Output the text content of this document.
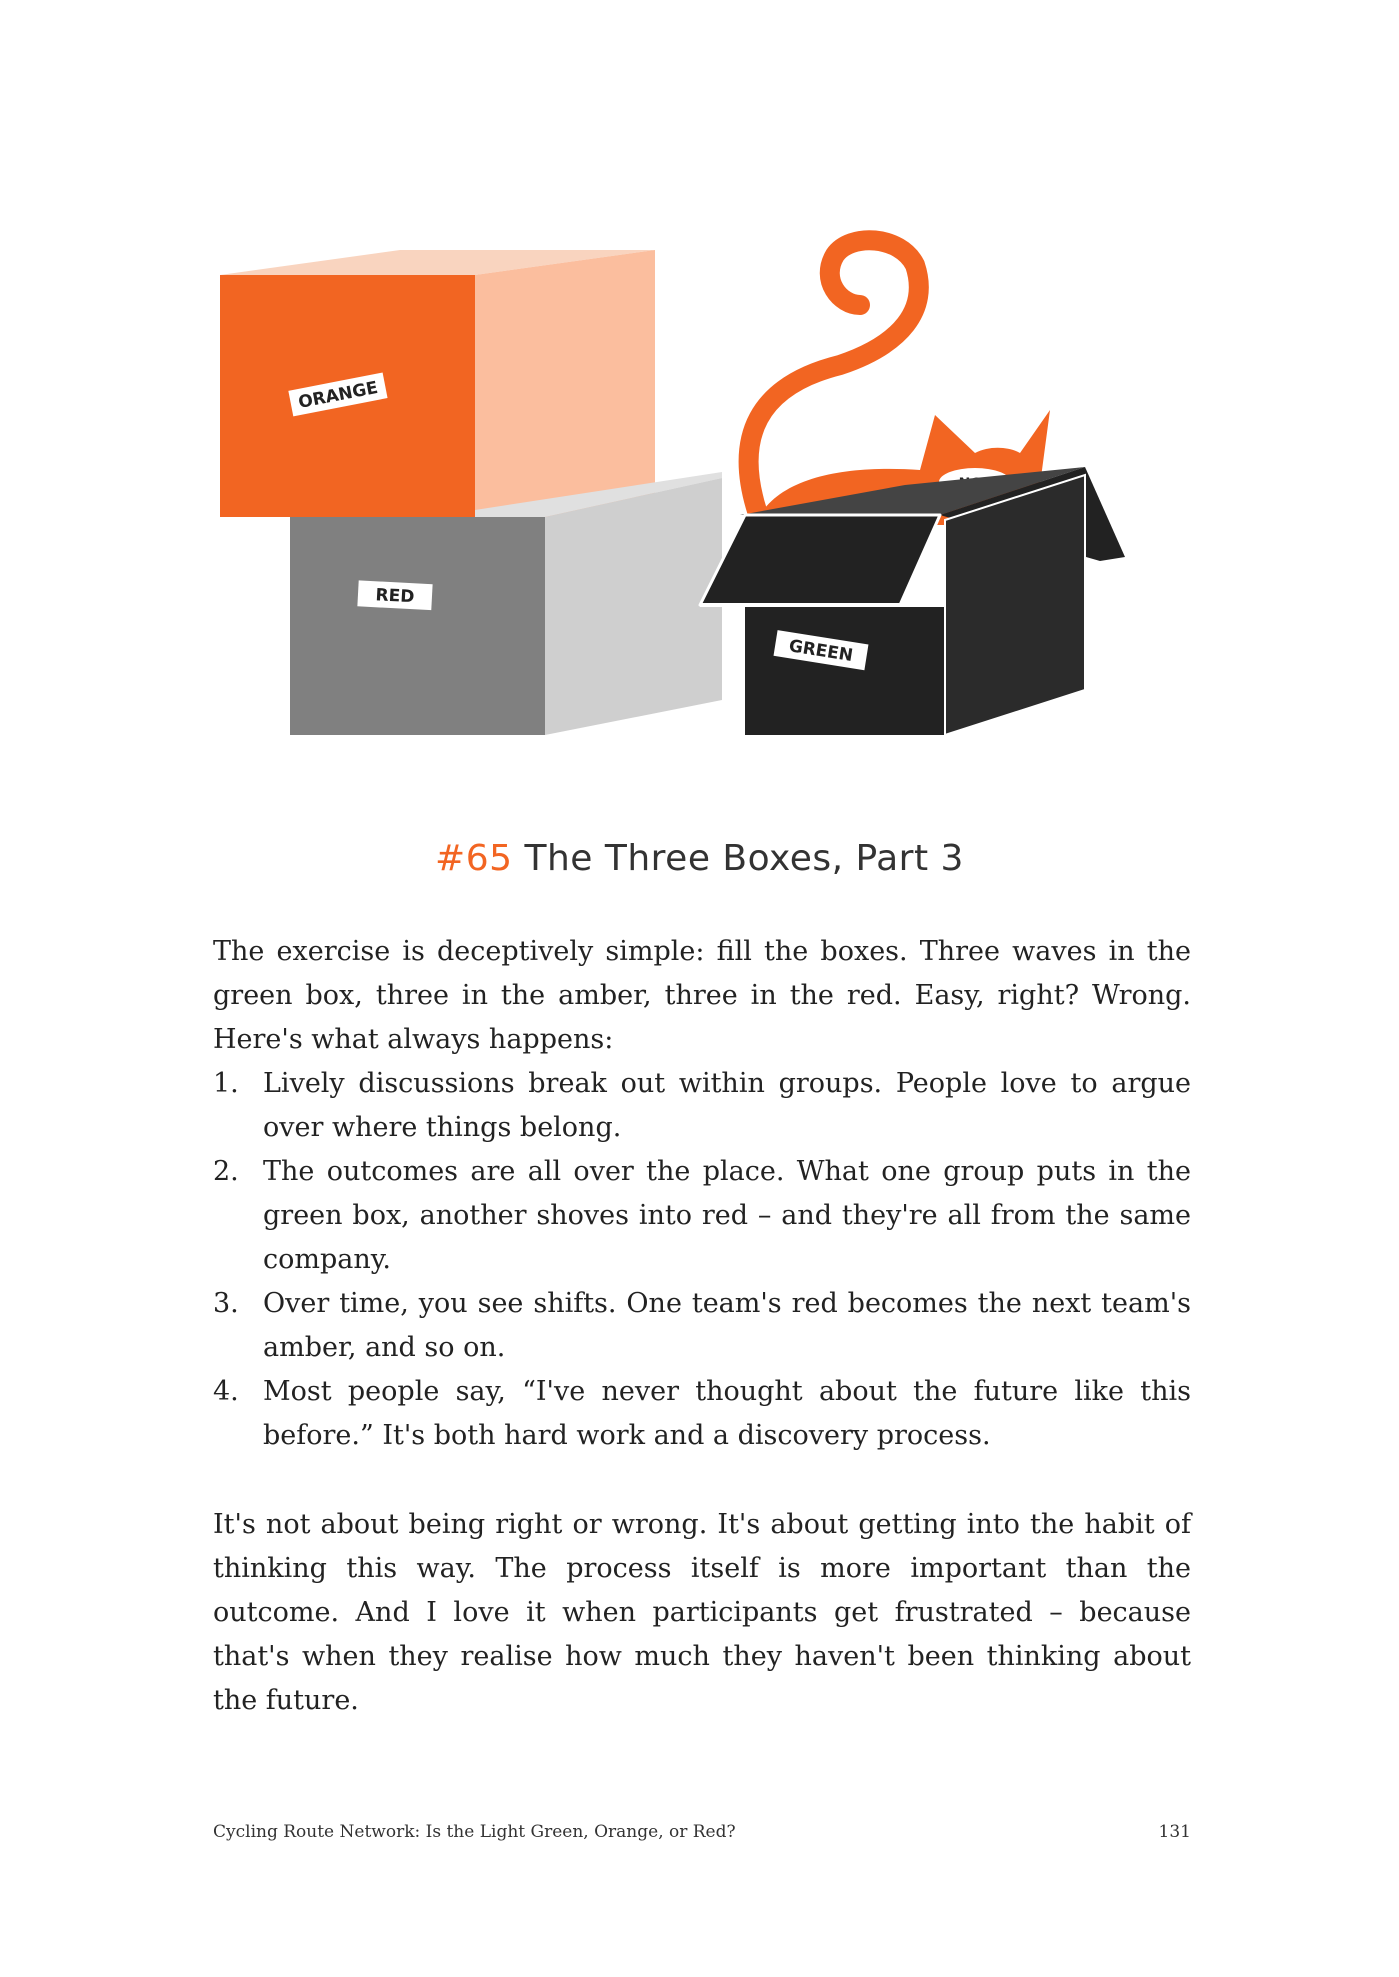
ORANGE
RED
GREEN
#65 The Three Boxes, Part 3

The exercise is deceptively simple: fill the boxes. Three waves in the green box, three in the amber, three in the red. Easy, right? Wrong. Here's what always happens:

1. Lively discussions break out within groups. People love to argue over where things belong.
2. The outcomes are all over the place. What one group puts in the green box, another shoves into red – and they're all from the same company.
3. Over time, you see shifts. One team's red becomes the next team's amber, and so on.
4. Most people say, “I've never thought about the future like this before.” It's both hard work and a discovery process.

It's not about being right or wrong. It's about getting into the habit of thinking this way. The process itself is more important than the outcome. And I love it when participants get frustrated – because that's when they realise how much they haven't been thinking about the future.

Cycling Route Network: Is the Light Green, Orange, or Red?	131
